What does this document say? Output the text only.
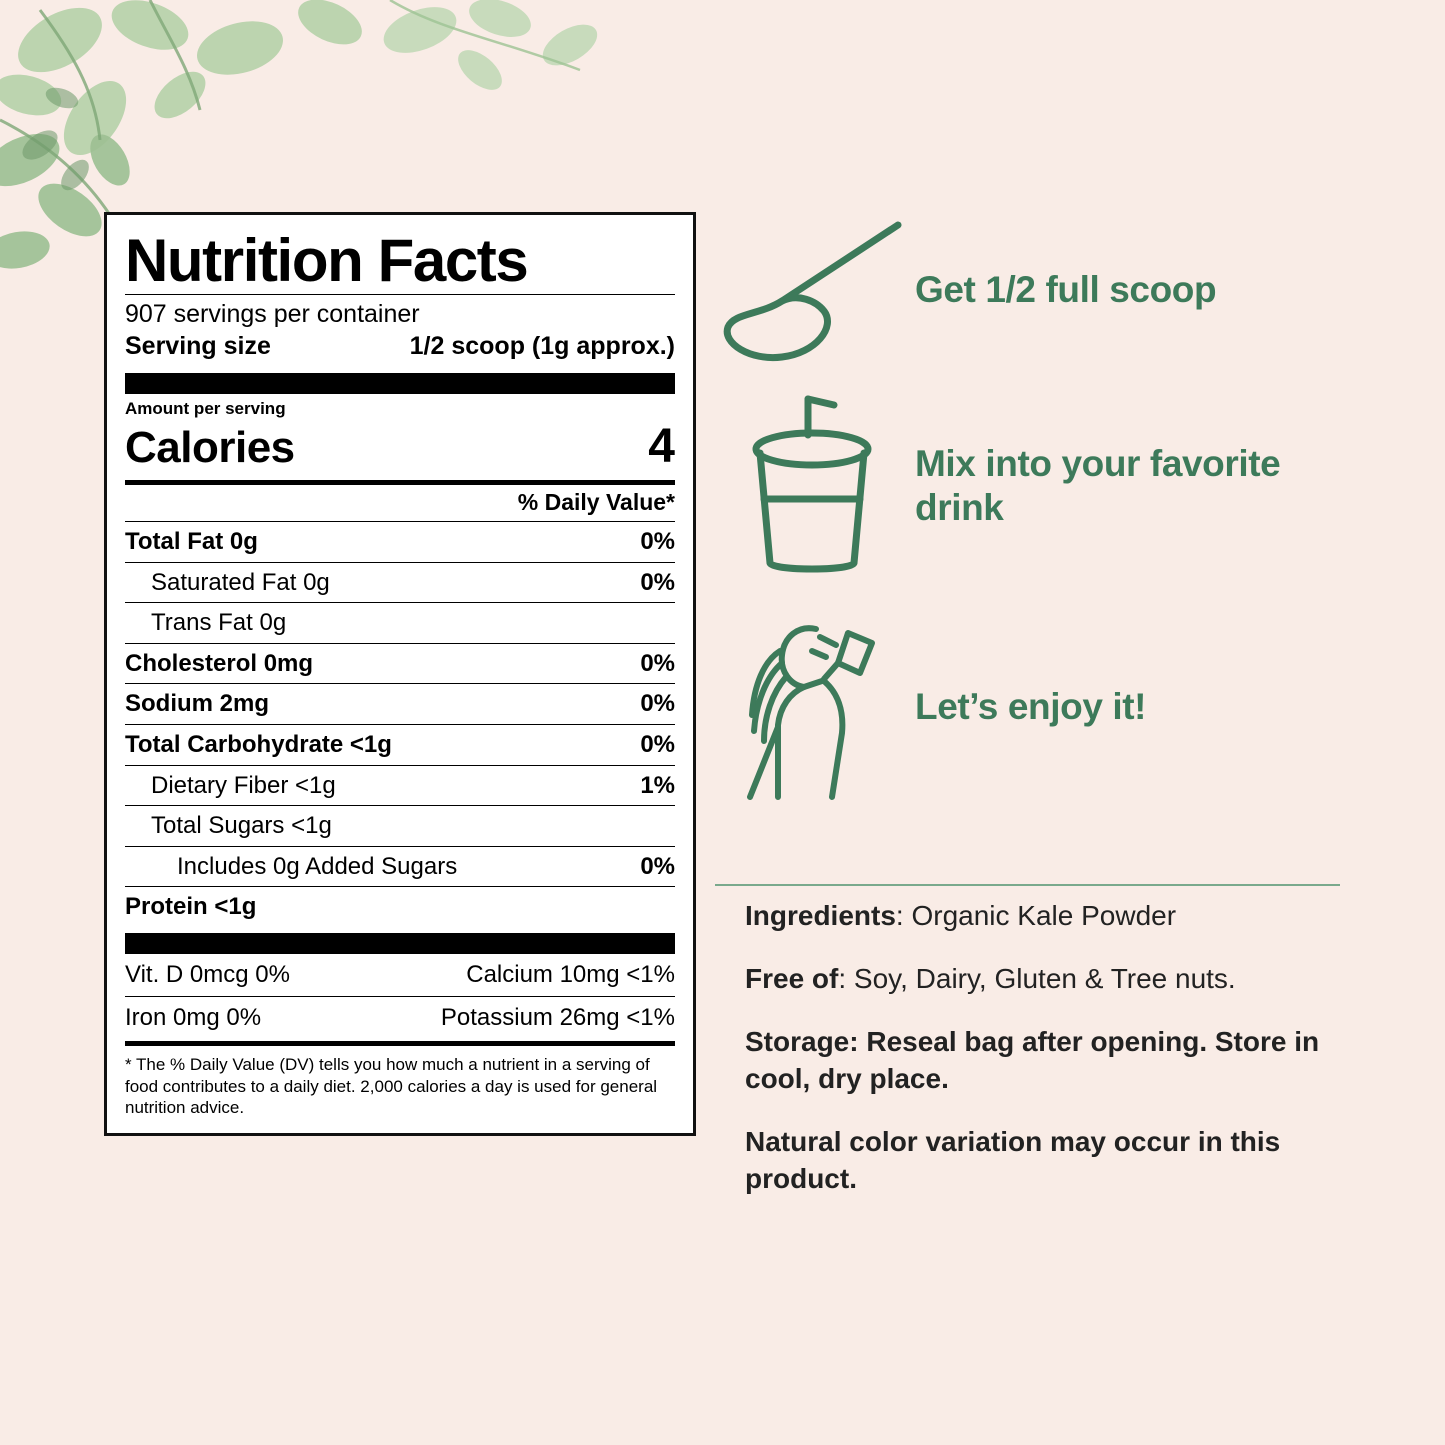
Nutrition Facts
907 servings per container
Serving size	1/2 scoop (1g approx.)
Amount per serving
Calories	4
% Daily Value*
Total Fat 0g	0%
Saturated Fat 0g	0%
Trans Fat 0g
Cholesterol 0mg	0%
Sodium 2mg	0%
Total Carbohydrate <1g	0%
Dietary Fiber <1g	1%
Total Sugars <1g
Includes 0g Added Sugars	0%
Protein <1g
Vit. D 0mcg 0%	Calcium 10mg <1%
Iron 0mg 0%	Potassium 26mg <1%
* The % Daily Value (DV) tells you how much a nutrient in a serving of food contributes to a daily diet. 2,000 calories a day is used for general nutrition advice.
Get 1/2 full scoop
Mix into your favorite drink
Let’s enjoy it!

Ingredients: Organic Kale Powder

Free of: Soy, Dairy, Gluten & Tree nuts.

Storage: Reseal bag after opening. Store in cool, dry place.

Natural color variation may occur in this product.
